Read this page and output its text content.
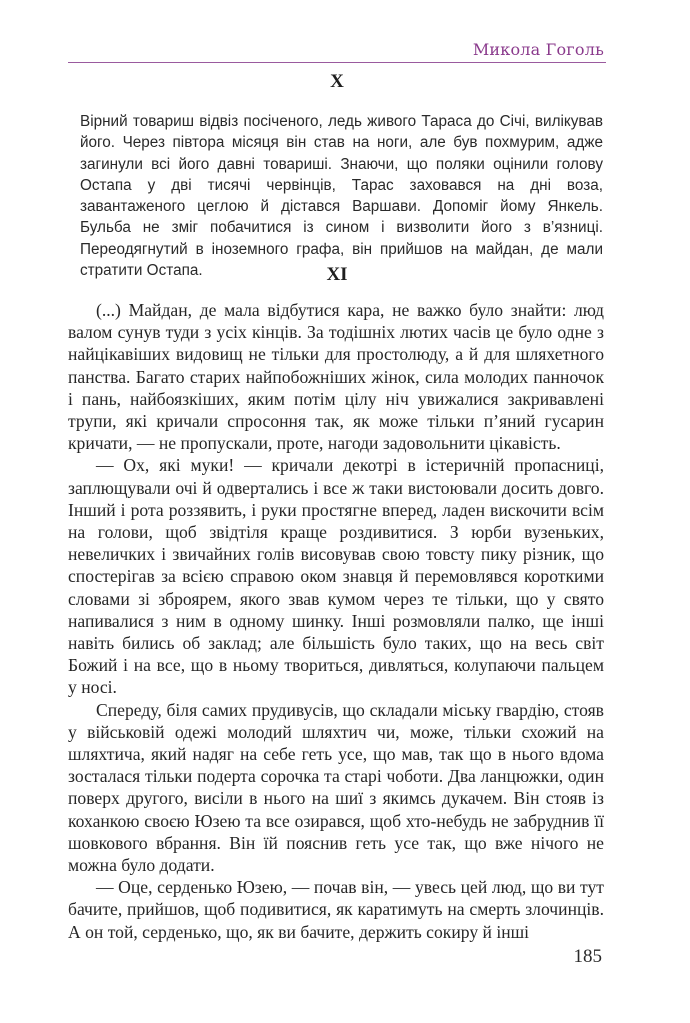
Микола Гоголь
X
Вірний товариш відвіз посіченого, ледь живого Тараса до Січі, вилікував його. Через півтора місяця він став на ноги, але був похмурим, адже загинули всі його давні товариші. Знаючи, що поляки оцінили голову Остапа у дві тисячі червінців, Тарас заховався на дні воза, завантаженого цеглою й дістався Варшави. Допоміг йому Янкель. Бульба не зміг побачитися із сином і визволити його з в’язниці. Переодягнутий в іноземного графа, він прийшов на майдан, де мали стратити Остапа.	XI

(...) Майдан, де мала відбутися кара, не важко було знайти: люд валом сунув туди з усіх кінців. За тодішніх лютих часів це було одне з найцікавіших видовищ не тільки для простолюду, а й для шляхетного панства. Багато старих найпобожніших жінок, сила молодих панночок і пань, найбоязкіших, яким потім цілу ніч увижалися закривавлені трупи, які кричали спросоння так, як може тільки п’яний гусарин кричати, — не пропускали, проте, нагоди задовольнити цікавість.

— Ох, які муки! — кричали декотрі в істеричній пропасниці, заплющували очі й одвертались і все ж таки вистоювали досить довго. Інший і рота роззявить, і руки простягне вперед, ладен вискочити всім на голови, щоб звідтіля краще роздивитися. З юрби вузеньких, невеличких і звичайних голів висовував свою товсту пику різник, що спостерігав за всією справою оком знавця й перемовлявся короткими словами зі зброярем, якого звав кумом через те тільки, що у свято напивалися з ним в одному шинку. Інші розмовляли палко, ще інші навіть бились об заклад; але більшість було таких, що на весь світ Божий і на все, що в ньому твориться, дивляться, колупаючи пальцем у носі.

Спереду, біля самих прудивусів, що складали міську гвардію, стояв у військовій одежі молодий шляхтич чи, може, тільки схожий на шляхтича, який надяг на себе геть усе, що мав, так що в нього вдома зосталася тільки подерта сорочка та старі чоботи. Два ланцюжки, один поверх другого, висіли в нього на шиї з якимсь дукачем. Він стояв із коханкою своєю Юзею та все озирався, щоб хто-небудь не забруднив її шовкового вбрання. Він їй пояснив геть усе так, що вже нічого не можна було додати.

— Оце, серденько Юзею, — почав він, — увесь цей люд, що ви тут бачите, прийшов, щоб подивитися, як каратимуть на смерть злочинців. А он той, серденько, що, як ви бачите, держить сокиру й інші

185
